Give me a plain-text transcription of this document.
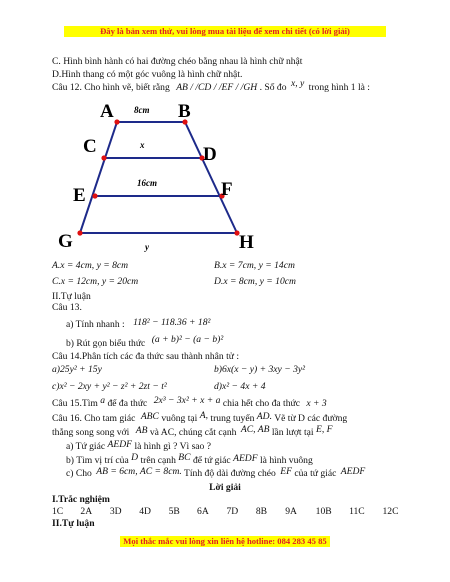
Đây là bản xem thử, vui lòng mua tài liệu để xem chi tiết (có lời giải)
C. Hình bình hành có hai đường chéo bằng nhau là hình chữ nhật
D.Hình thang có một góc vuông là hình chữ nhật.
Câu 12. Cho hình vẽ, biết rằng AB / /CD / /EF / /GH . Số đo x, y trong hình 1 là :
A	B
C	D
E	F
G	H
8cm
x
16cm
y
A.x = 4cm, y = 8cm	B.x = 7cm, y = 14cm
C.x = 12cm, y = 20cm	D.x = 8cm, y = 10cm
II.Tự luận
Câu 13.
a) Tính nhanh : 118² − 118.36 + 18²
b) Rút gọn biểu thức (a + b)² − (a − b)²
Câu 14.Phân tích các đa thức sau thành nhân tử :
a)25y² + 15y	b)6x(x − y) + 3xy − 3y²
c)x² − 2xy + y² − z² + 2zt − t²	d)x² − 4x + 4
Câu 15.Tìm a để đa thức 2x³ − 3x² + x + a chia hết cho đa thức x + 3
Câu 16. Cho tam giác ABC vuông tại A, trung tuyến AD. Vẽ từ D các đường
thẳng song song với AB và AC, chúng cắt cạnh AC, AB lần lượt tại E, F
a) Tứ giác AEDF là hình gì ? Vì sao ?
b) Tìm vị trí của D trên cạnh BC để tứ giác AEDF là hình vuông
c) Cho AB = 6cm, AC = 8cm. Tính độ dài đường chéo EF của tứ giác AEDF
Lời giải
I.Trắc nghiệm
1C 2A 3D 4D 5B 6A 7D 8B 9A 10B 11C 12C
II.Tự luận
Mọi thắc mắc vui lòng xin liên hệ hotline: 084 283 45 85
